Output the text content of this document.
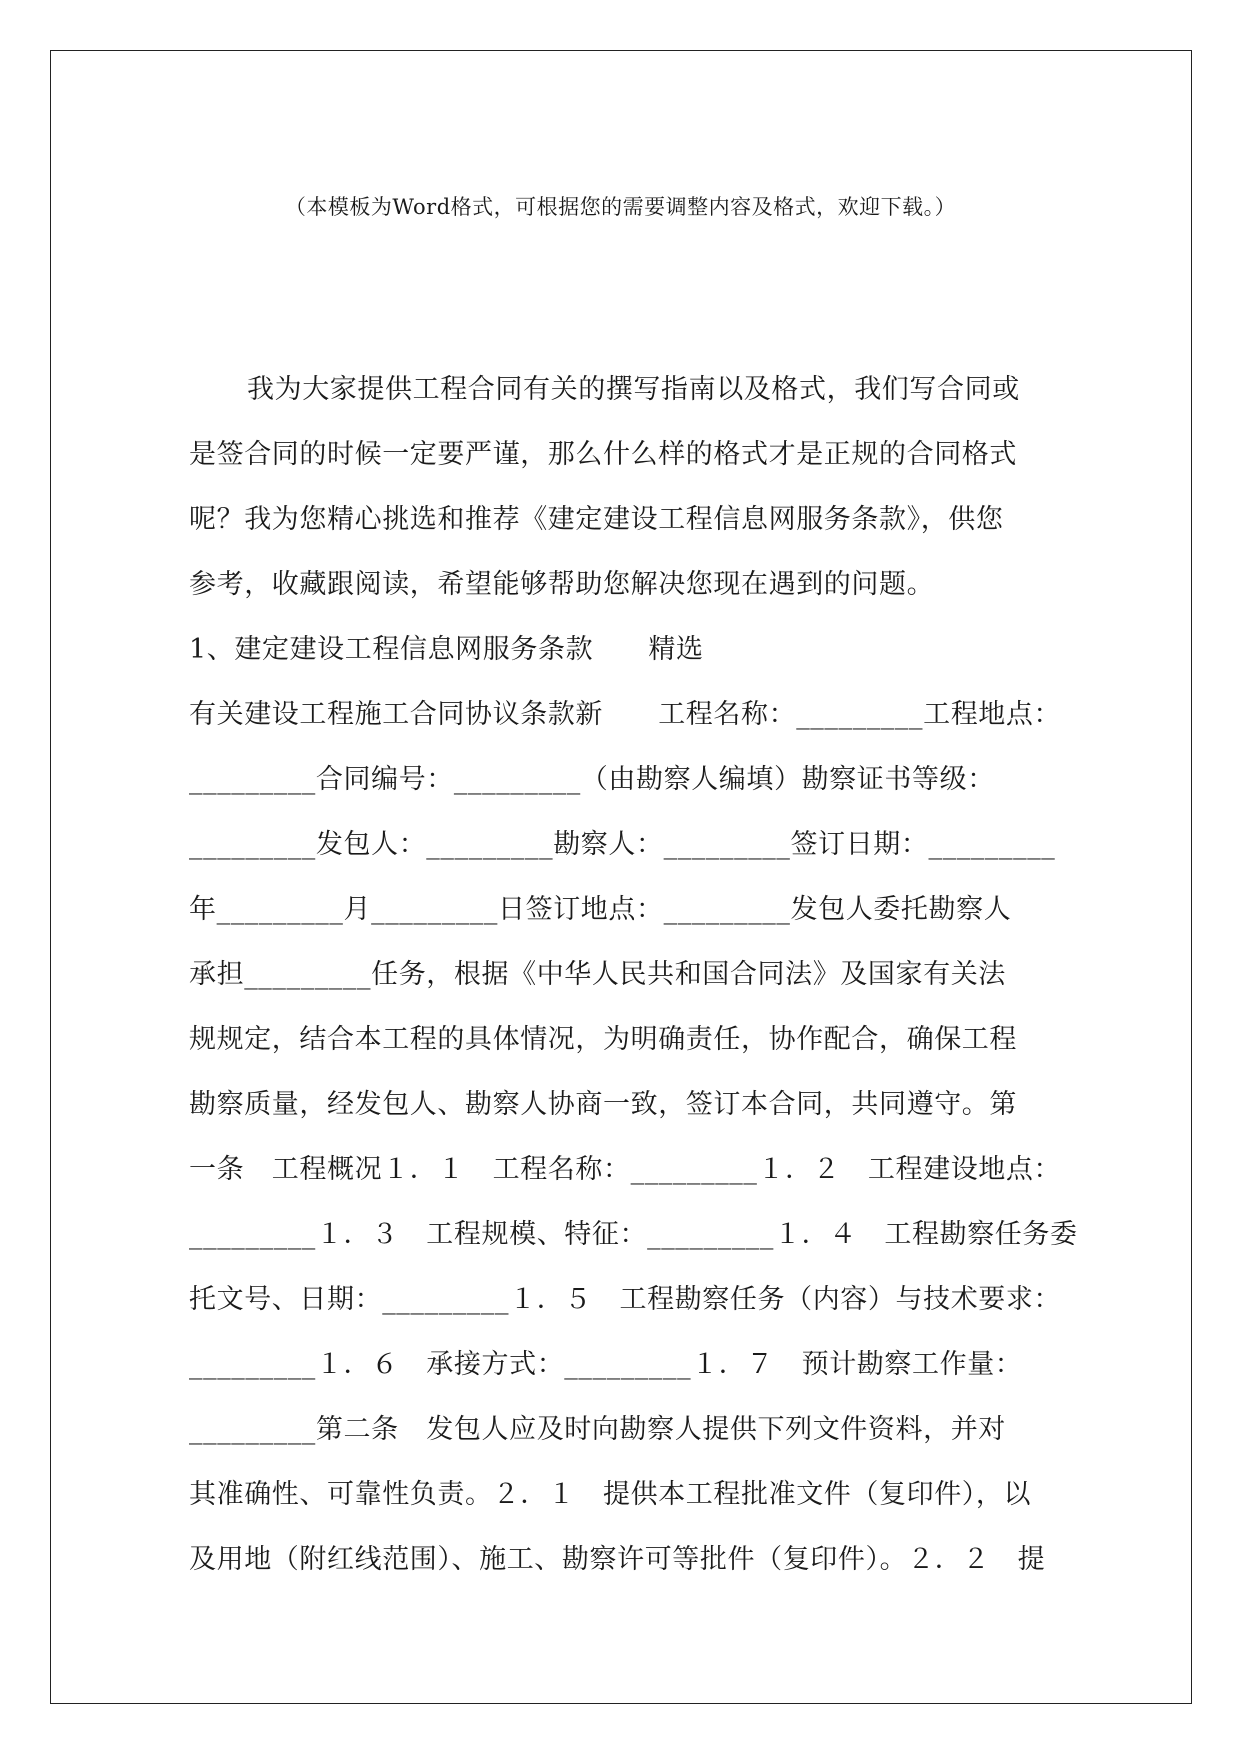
（本模板为Word格式，可根据您的需要调整内容及格式，欢迎下载。）
我为大家提供工程合同有关的撰写指南以及格式，我们写合同或
是签合同的时候一定要严谨，那么什么样的格式才是正规的合同格式
呢？我为您精心挑选和推荐《建定建设工程信息网服务条款》，供您
参考，收藏跟阅读，希望能够帮助您解决您现在遇到的问题。
1、建定建设工程信息网服务条款　　精选
有关建设工程施工合同协议条款新　　工程名称：_________工程地点：
_________合同编号：_________（由勘察人编填）勘察证书等级：
_________发包人：_________勘察人：_________签订日期：_________
年_________月_________日签订地点：_________发包人委托勘察人
承担_________任务，根据《中华人民共和国合同法》及国家有关法
规规定，结合本工程的具体情况，为明确责任，协作配合，确保工程
勘察质量，经发包人、勘察人协商一致，签订本合同，共同遵守。第
一条　工程概况１．１　工程名称：_________１．２　工程建设地点：
_________１．３　工程规模、特征：_________１．４　工程勘察任务委
托文号、日期：_________１．５　工程勘察任务（内容）与技术要求：
_________１．６　承接方式：_________１．７　预计勘察工作量：
_________第二条　发包人应及时向勘察人提供下列文件资料，并对
其准确性、可靠性负责。２．１　提供本工程批准文件（复印件），以
及用地（附红线范围）、施工、勘察许可等批件（复印件）。２．２　提
